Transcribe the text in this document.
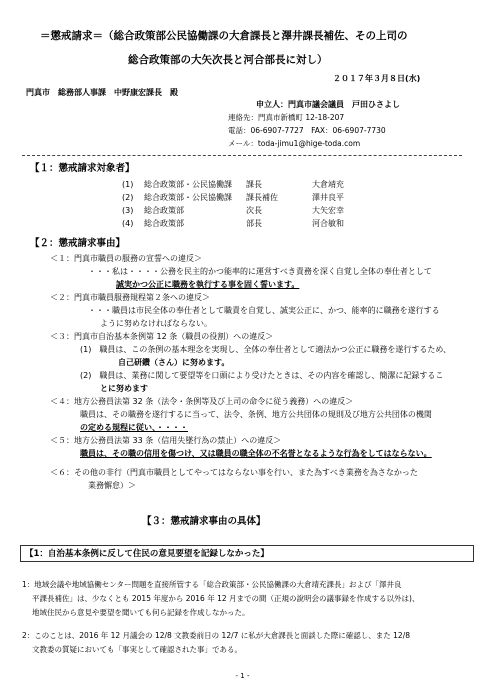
＝懲戒請求＝（総合政策部公民協働課の大倉課長と澤井課長補佐、その上司の
総合政策部の大矢次長と河合部長に対し）
２０１７年３月８日(水)
門真市　総務部人事課　中野康宏課長　殿
申立人：門真市議会議員　戸田ひさよし
連絡先：門真市新橋町 12-18-207
電話：06-6907-7727　FAX：06-6907-7730
メール：toda-jimu1@hige-toda.com
【１：懲戒請求対象者】
(1) 総合政策部・公民協働課 課長	大倉靖充
(2) 総合政策部・公民協働課 課長補佐	澤井良平
(3) 総合政策部	次長	大矢宏幸
(4) 総合政策部	部長	河合敏和
【２：懲戒請求事由】
＜１：門真市職員の服務の宣誓への違反＞
・・・私は・・・・公務を民主的かつ能率的に運営すべき責務を深く自覚し全体の奉仕者として
誠実かつ公正に職務を執行する事を固く誓います。
＜２：門真市職員服務規程第２条への違反＞
・・・職員は市民全体の奉仕者として職責を自覚し、誠実公正に、かつ、能率的に職務を遂行する
ように努めなければならない。
＜３：門真市自治基本条例第 12 条（職員の役割）への違反＞
(1)　職員は、この条例の基本理念を実現し、全体の奉仕者として適法かつ公正に職務を遂行するため、
自己研鑽（さん）に努めます。
(2)　職員は、業務に関して要望等を口頭により受けたときは、その内容を確認し、簡潔に記録するこ
とに努めます
＜４：地方公務員法第 32 条（法令・条例等及び上司の命令に従う義務）への違反＞
職員は、その職務を遂行するに当って、法令、条例、地方公共団体の規則及び地方公共団体の機関
の定める規程に従い、・・・・
＜５：地方公務員法第 33 条（信用失墜行為の禁止）への違反＞
職員は、その職の信用を傷つけ、又は職員の職全体の不名誉となるような行為をしてはならない。
＜６：その他の非行（門真市職員としてやってはならない事を行い、また為すべき業務を為さなかった
業務懈怠）＞
【３：懲戒請求事由の具体】
【1：自治基本条例に反して住民の意見要望を記録しなかった】
1：地域会議や地域協働センター問題を直接所管する「総合政策部・公民協働課の大倉靖充課長」および「澤井良
平課長補佐」は、少なくとも 2015 年度から 2016 年 12 月までの間（正規の說明会の議事録を作成する以外は)、
地域住民から意見や要望を聞いても何ら記録を作成しなかった。
2：このことは、2016 年 12 月議会の 12/8 文教委前日の 12/7 に私が大倉課長と面談した際に確認し、また 12/8
文教委の質疑においても「事実として確認された事」である。
- 1 -
